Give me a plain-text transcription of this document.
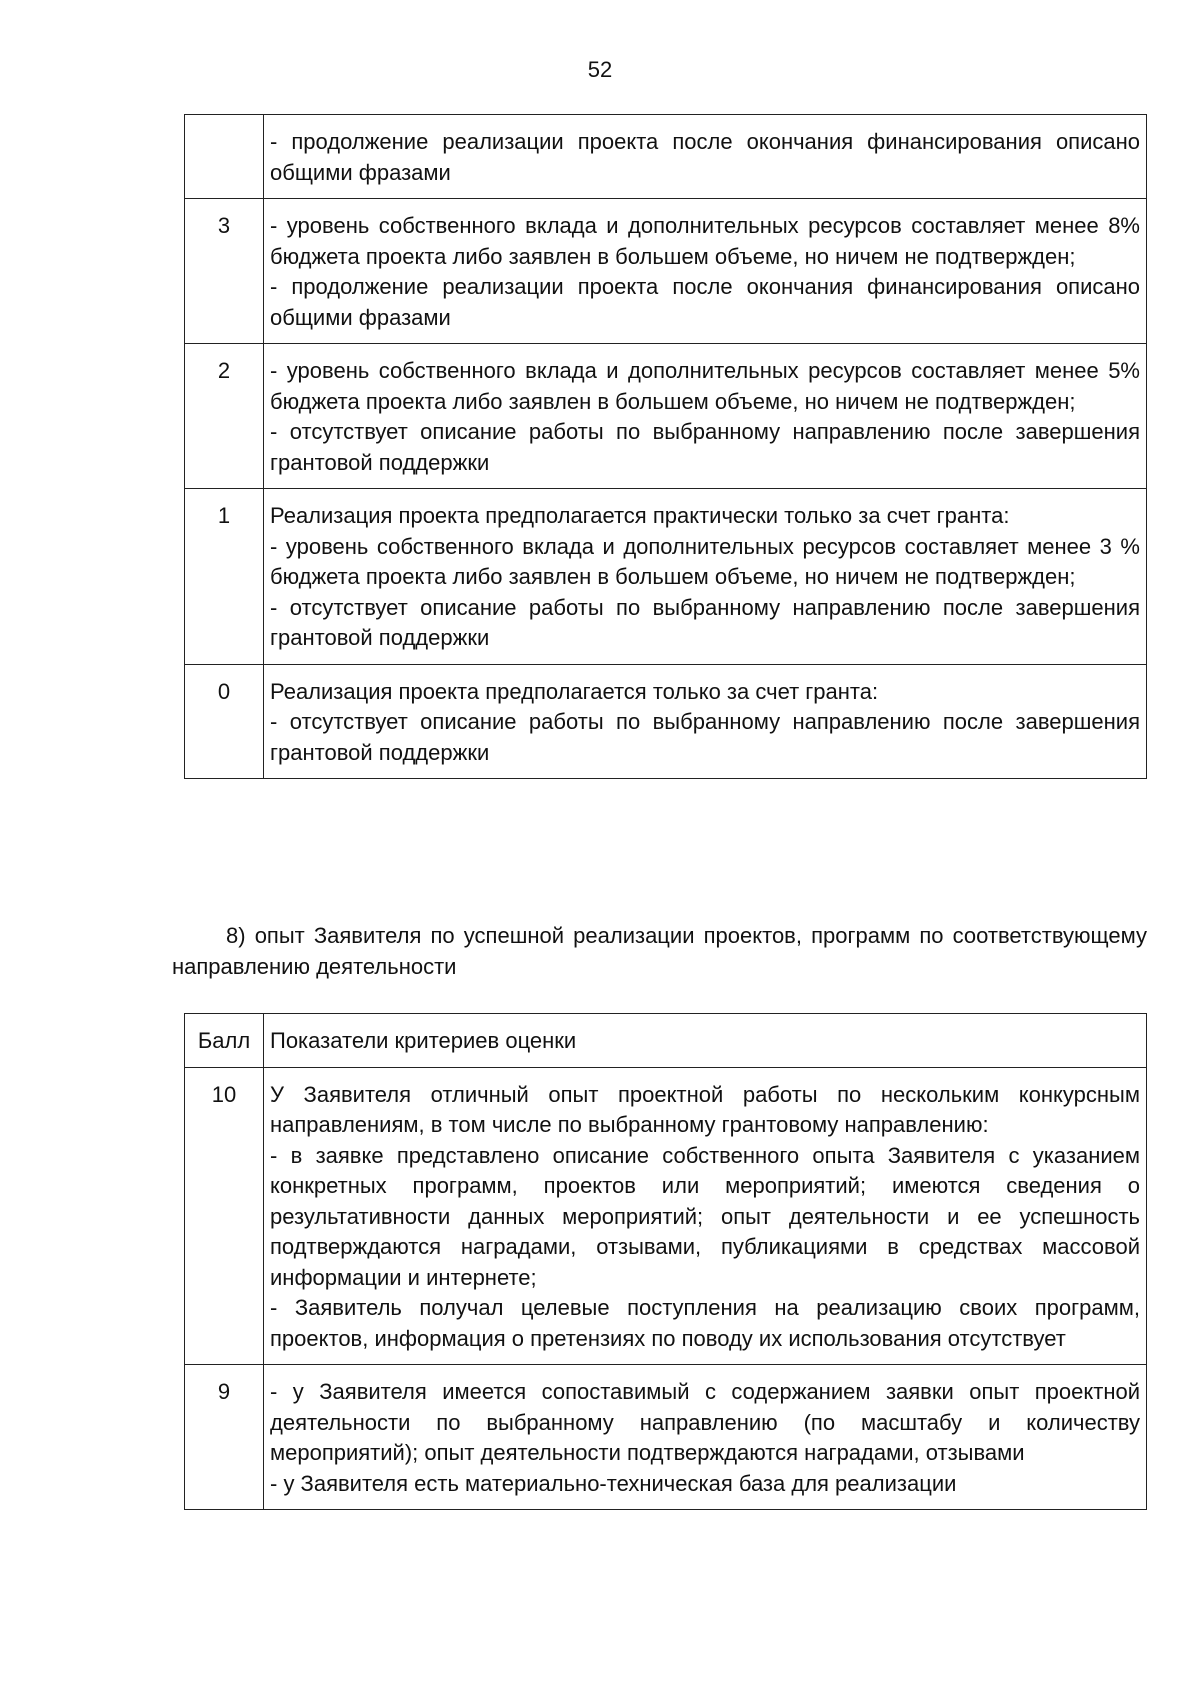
52

	- продолжение реализации проекта после окончания финансирования описано общими фразами

3	- уровень собственного вклада и дополнительных ресурсов составляет менее 8% бюджета проекта либо заявлен в большем объеме, но ничем не подтвержден;
- продолжение реализации проекта после окончания финансирования описано общими фразами

2	- уровень собственного вклада и дополнительных ресурсов составляет менее 5% бюджета проекта либо заявлен в большем объеме, но ничем не подтвержден;
- отсутствует описание работы по выбранному направлению после завершения грантовой поддержки

1	Реализация проекта предполагается практически только за счет гранта:
- уровень собственного вклада и дополнительных ресурсов составляет менее 3 % бюджета проекта либо заявлен в большем объеме, но ничем не подтвержден;
- отсутствует описание работы по выбранному направлению после завершения грантовой поддержки

0	Реализация проекта предполагается только за счет гранта:
- отсутствует описание работы по выбранному направлению после завершения грантовой поддержки
8) опыт Заявителя по успешной реализации проектов, программ по соответствующему направлению деятельности
Балл	Показатели критериев оценки
10	У Заявителя отличный опыт проектной работы по нескольким конкурсным направлениям, в том числе по выбранному грантовому направлению:
- в заявке представлено описание собственного опыта Заявителя с указанием конкретных программ, проектов или мероприятий; имеются сведения о результативности данных мероприятий; опыт деятельности и ее успешность подтверждаются наградами, отзывами, публикациями в средствах массовой информации и интернете;
- Заявитель получал целевые поступления на реализацию своих программ, проектов, информация о претензиях по поводу их использования отсутствует

9	- у Заявителя имеется сопоставимый с содержанием заявки опыт проектной деятельности по выбранному направлению (по масштабу и количеству мероприятий); опыт деятельности подтверждаются наградами, отзывами
- у Заявителя есть материально-техническая база для реализации
